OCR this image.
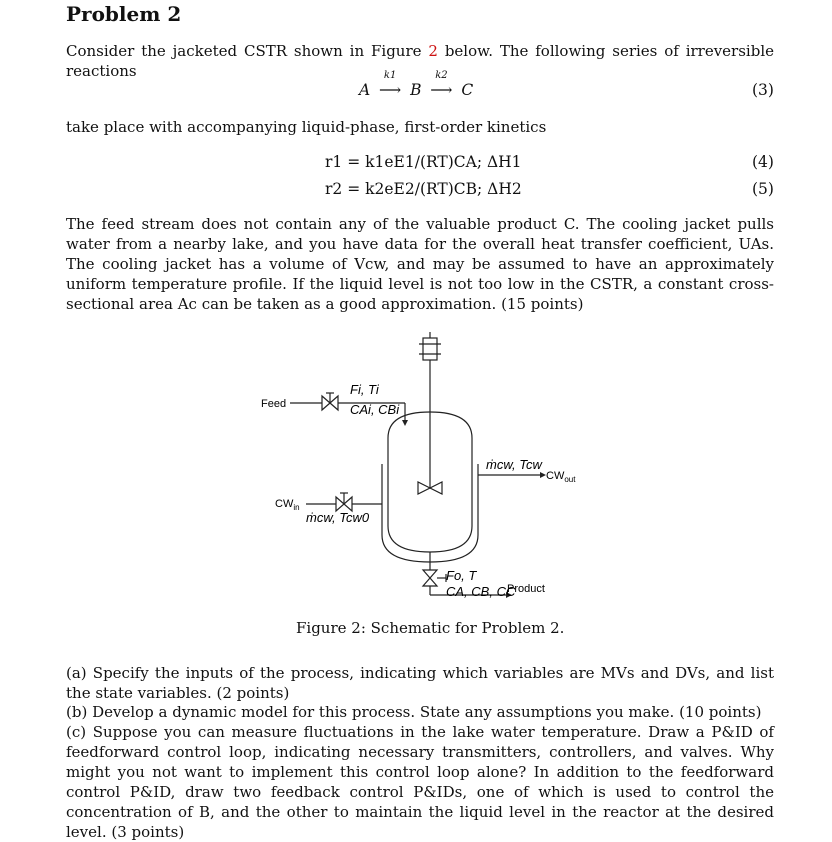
Problem 2

Consider the jacketed CSTR shown in Figure 2 below. The following series of irreversible reactions

A
k1
⟶ B
k2
⟶ C	(3)

take place with accompanying liquid-phase, first-order kinetics

r1 = k1eE1/(RT)CA; ΔH1	(4)
r2 = k2eE2/(RT)CB; ΔH2	(5)

The feed stream does not contain any of the valuable product C. The cooling jacket pulls water from a nearby lake, and you have data for the overall heat transfer coefficient, UAs. The cooling jacket has a volume of Vcw, and may be assumed to have an approximately uniform temperature profile. If the liquid level is not too low in the CSTR, a constant cross-sectional area Ac can be taken as a good approximation. (15 points)

Feed
Fi, Ti
CAi, CBi
$CW_{in}$
ṁcw, Tcw0
ṁcw, Tcw
$CW_{out}$
Fo, T
CA, CB, CC
Product
Figure 2: Schematic for Problem 2.

(a) Specify the inputs of the process, indicating which variables are MVs and DVs, and list the state variables. (2 points)

(b) Develop a dynamic model for this process. State any assumptions you make. (10 points)

(c) Suppose you can measure fluctuations in the lake water temperature. Draw a P&ID of feedforward control loop, indicating necessary transmitters, controllers, and valves. Why might you not want to implement this control loop alone? In addition to the feedforward control P&ID, draw two feedback control P&IDs, one of which is used to control the concentration of B, and the other to maintain the liquid level in the reactor at the desired level. (3 points)
